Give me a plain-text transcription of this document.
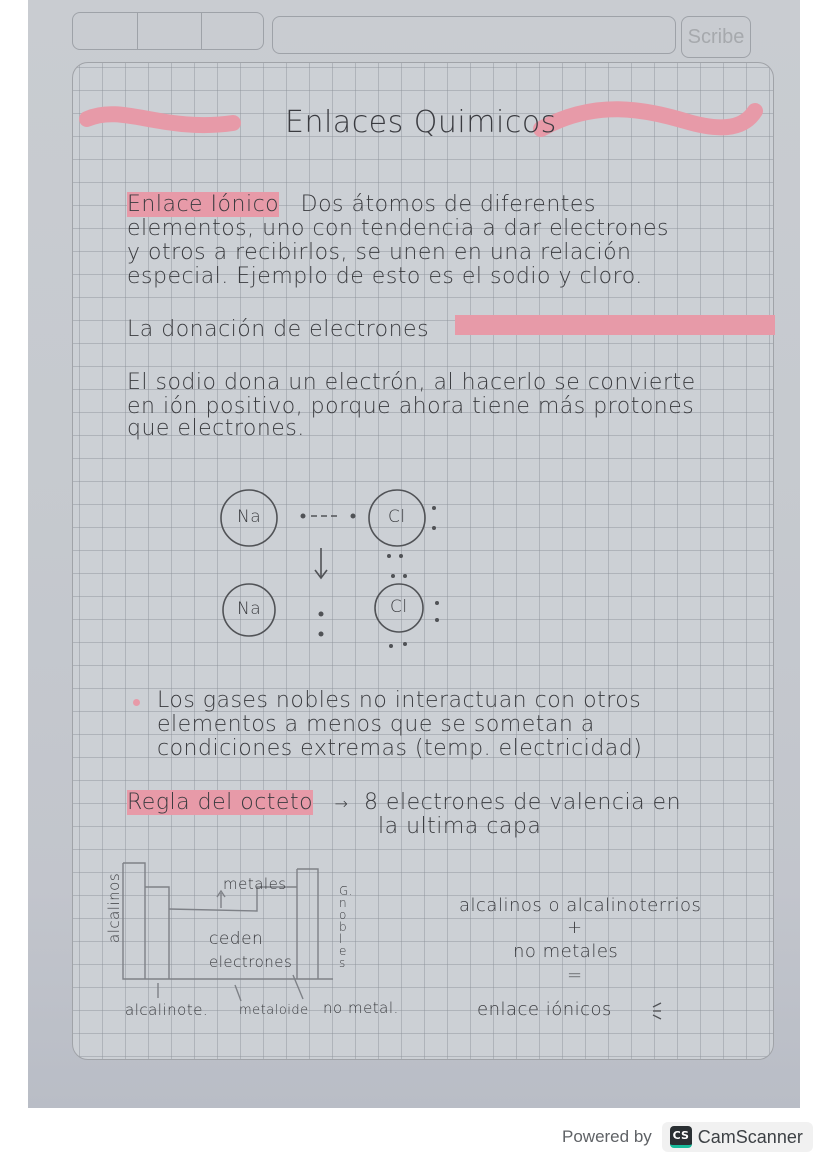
Scribe
Enlaces Quimicos
Enlace Iónico Dos átomos de diferentes
elementos, uno con tendencia a dar electrones
y otros a recibirlos, se unen en una relación
especial. Ejemplo de esto es el sodio y cloro.
La donación de electrones
El sodio dona un electrón, al hacerlo se convierte
en ión positivo, porque ahora tiene más protones
que electrones.
Na	Cl
Na	Cl
Los gases nobles no interactuan con otros
elementos a menos que se sometan a
condiciones extremas (temp. electricidad)
Regla del octeto → 8 electrones de valencia en
la ultima capa
alcalinos	metales
ceden
electrones
G.
n
o
b
l
e
s
alcalinote. metaloide no metal.
alcalinos o alcalinoterrios
+
no metales
=
enlace iónicos
Powered by CS CamScanner
